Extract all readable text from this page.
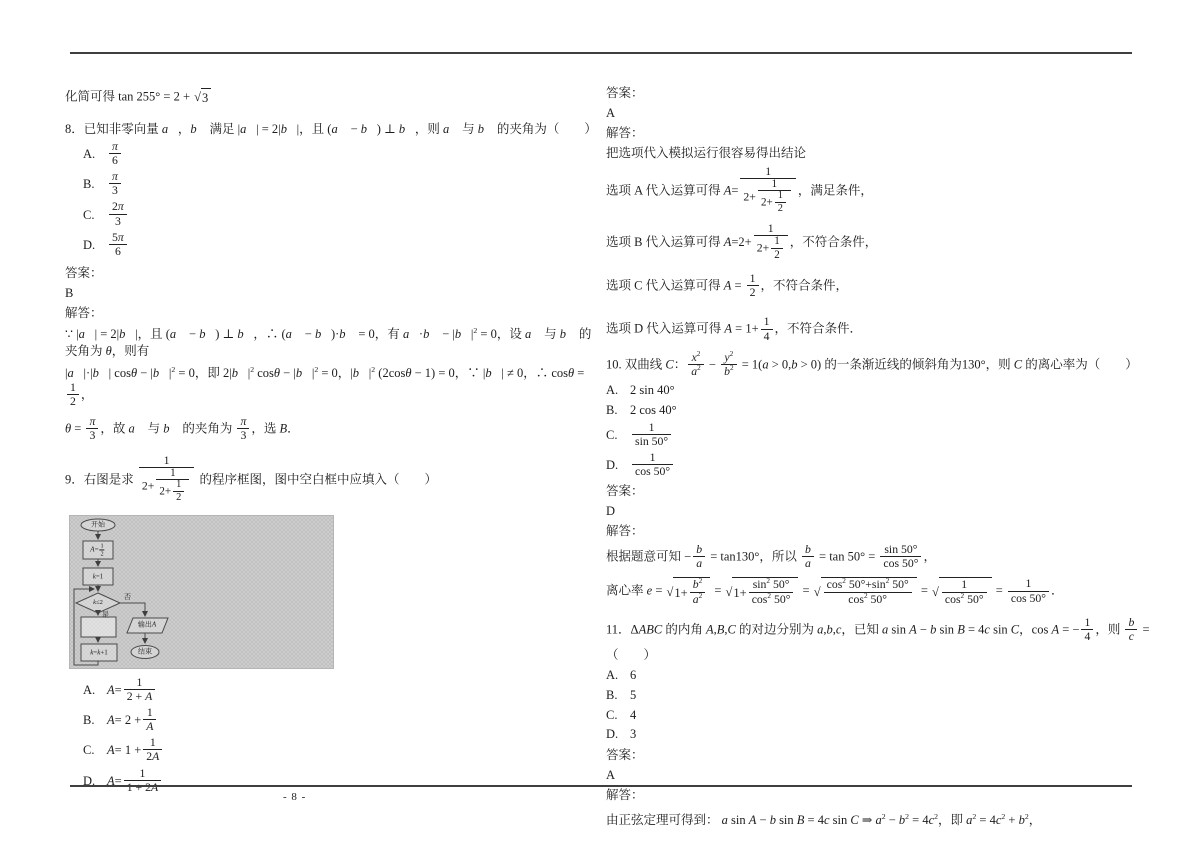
化简可得 tan 255° = 2 + √ 3
8．已知非零向量 a⃗，b⃗ 满足 |a⃗| = 2|b⃗|，且 (a⃗ − b⃗) ⊥ b⃗，则 a⃗ 与 b⃗ 的夹角为（　　）
A.	$\frac{\pi}{6}$
B.	$\frac{\pi}{3}$
C.	$\frac{2\pi}{3}$
D.	$\frac{5\pi}{6}$
答案：
B
解答：
∵ |a⃗| = 2|b⃗|，且 (a⃗ − b⃗) ⊥ b⃗，∴ (a⃗ − b⃗)·b⃗ = 0，有 a⃗·b⃗ − $|b⃗|^2 = 0$，设 a⃗ 与 b⃗ 的夹角为 θ，则有
|a⃗|·|b⃗| $\cos\theta - |b⃗|^2 = 0$，即 $2|b⃗|^2$ $\cos\theta - |b⃗|^2 = 0$，$|b⃗|^2$ (2cosθ − 1) = 0，∵ |b⃗| ≠ 0，∴ cosθ =
$\frac{1}{2}$ ，
$\theta = \frac{\pi}{3}$ ，故 a⃗ 与 b⃗ 的夹角为 $\frac{\pi}{3}$ ，选 B．
9．右图是求 $\frac{1}{2+ \frac{1}{2+ \frac{1}{2}}}$ 的程序框图，图中空白框中应填入（　　）
开始
$A = \frac{1}{2}$
k =1
k ≤2
k = k +1
输出 A
结束
是
否
A. $A = \frac{1}{2 + A}$
B.	$A = 2 + \frac{1}{A}$
C.	$A = 1 + \frac{1}{2A}$
D. $A = \frac{1}{1 + 2A}$
答案：
A
解答：
把选项代入模拟运行很容易得出结论
选项 A 代入运算可得 $A= \frac{1}{2+ \frac{1}{2+ \frac{1}{2}}}$ ，满足条件，
选项 B 代入运算可得 $A=2+ \frac{1}{2+ \frac{1}{2}}$ ，不符合条件，
选项 C 代入运算可得 $A = \frac{1}{2}$ ，不符合条件，
选项 D 代入运算可得 $A = 1+ \frac{1}{4}$ ，不符合条件．
10. 双曲线 C： $\frac{x^2}{a^2} - \frac{y^2}{b^2} = 1(a > 0,b > 0)$ 的一条渐近线的倾斜角为130°，则 C 的离心率为（　　）
A. 2 sin 40°
B.	2 cos 40°
C.	$\frac{1}{\sin 50^\circ}$
D.	$\frac{1}{\cos 50^\circ}$
答案：
D
解答：
根据题意可知 − $\frac{b}{a} = \tan 130^\circ$，所以 $\frac{b}{a} = \tan 50^\circ = \frac{\sin 50^\circ}{\cos 50^\circ}$ ，
离心率 e = √ $1+ \frac{b^2}{a^2}$ = √ $1+ \frac{\sin^2 50^\circ}{\cos^2 50^\circ}$ = √ $\frac{\cos^2 50^\circ+\sin^2 50^\circ}{\cos^2 50^\circ}$ = √ $\frac{1}{\cos^2 50^\circ} = \frac{1}{\cos 50^\circ}$ ．
11．ΔABC 的内角 A,B,C 的对边分别为 a,b,c，已知 a sin A − b sin B = 4c sin C，cos A = − $\frac{1}{4}$ ，则 $\frac{b}{c}$ =
（　　）
A. 6
B.	5
C.	4
D. 3
答案：
A
解答：
由正弦定理可得到： a sin A − b sin B = 4c sin C ⇒ $a^2 - b^2 = 4c^2$，即 $a^2 = 4c^2 + b^2$，
- 8 -
